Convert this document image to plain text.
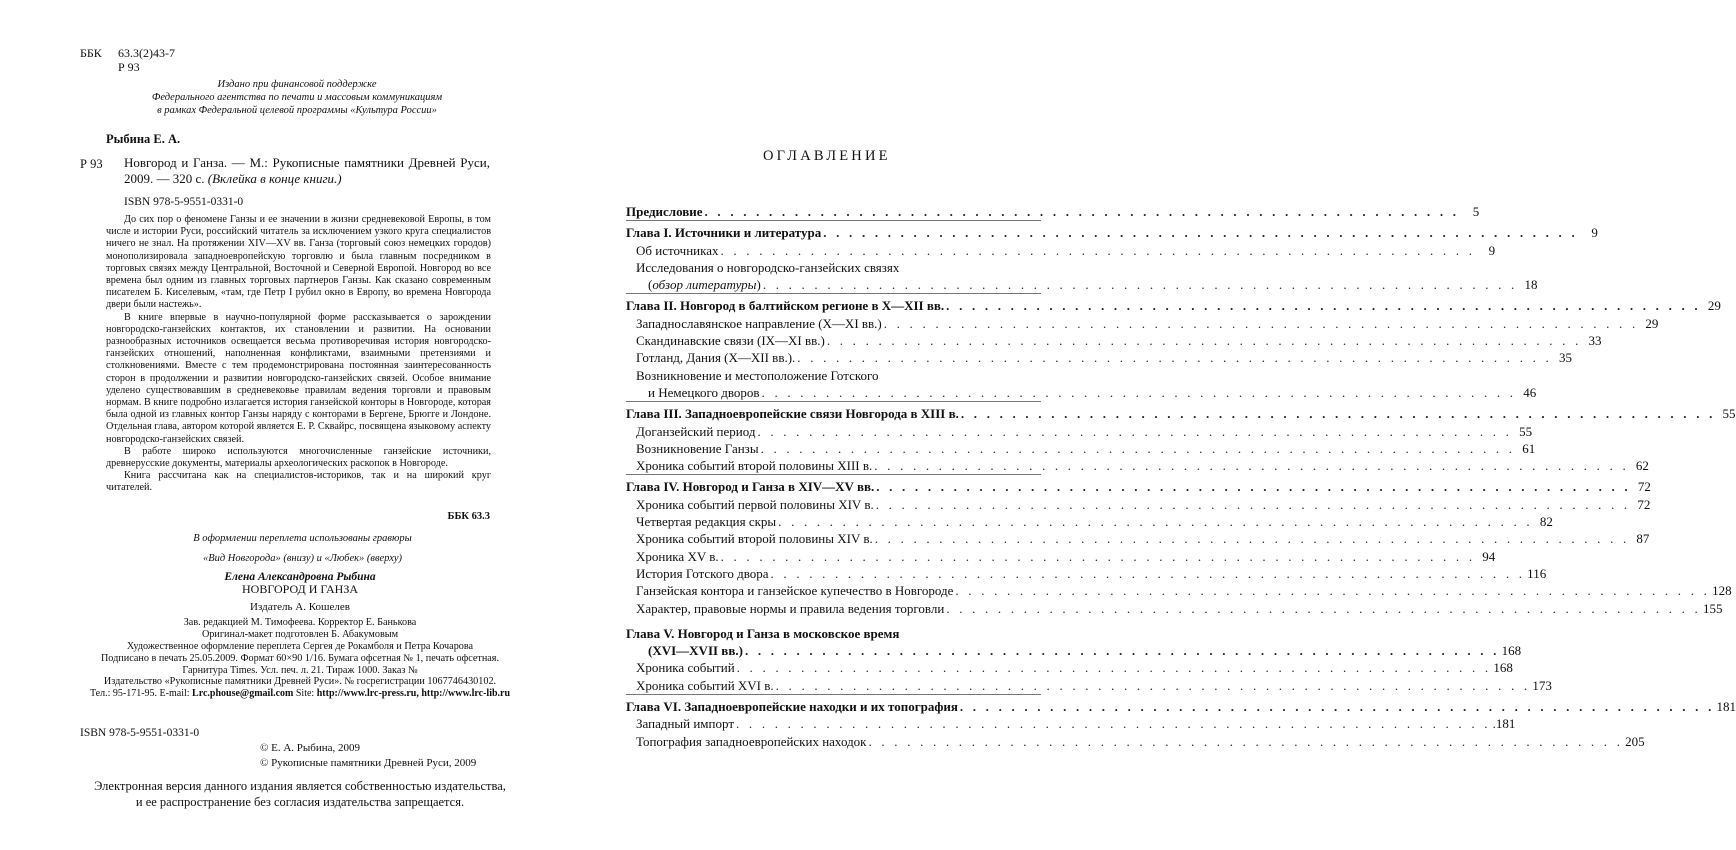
ББК	63.3(2)43-7
Р 93
Издано при финансовой поддержке
Федерального агентства по печати и массовым коммуникациям
в рамках Федеральной целевой программы «Культура России»
Рыбина Е. А.
Р 93 Новгород и Ганза. — М.: Рукописные памятники Древней Руси, 2009. — 320 с. (Вклейка в конце книги.)
ISBN 978-5-9551-0331-0

До сих пор о феномене Ганзы и ее значении в жизни средневековой Европы, в том числе и истории Руси, российский читатель за исключением узкого круга специалистов ничего не знал. На протяжении XIV—XV вв. Ганза (торговый союз немецких городов) монополизировала западноевропейскую торговлю и была главным посредником в торговых связях между Центральной, Восточной и Северной Европой. Новгород во все времена был одним из главных торговых партнеров Ганзы. Как сказано современным писателем Б. Киселевым, «там, где Петр I рубил окно в Европу, во времена Новгорода двери были настежь».

В книге впервые в научно-популярной форме рассказывается о зарождении новгородско-ганзейских контактов, их становлении и развитии. На основании разнообразных источников освещается весьма противоречивая история новгородско-ганзейских отношений, наполненная конфликтами, взаимными претензиями и столкновениями. Вместе с тем продемонстрирована постоянная заинтересованность сторон в продолжении и развитии новгородско-ганзейских связей. Особое внимание уделено существовавшим в средневековье правилам ведения торговли и правовым нормам. В книге подробно излагается история ганзейской конторы в Новгороде, которая была одной из главных контор Ганзы наряду с конторами в Бергене, Брюгге и Лондоне. Отдельная глава, автором которой является Е. Р. Сквайрс, посвящена языковому аспекту новгородско-ганзейских связей.

В работе широко используются многочисленные ганзейские источники, древнерусские документы, материалы археологических раскопок в Новгороде.

Книга рассчитана как на специалистов-историков, так и на широкий круг читателей.

ББК 63.3
В оформлении переплета использованы гравюры
«Вид Новгорода» (внизу) и «Любек» (вверху)
Елена Александровна Рыбина
НОВГОРОД И ГАНЗА
Издатель А. Кошелев
Зав. редакцией М. Тимофеева. Корректор Е. Банькова
Оригинал-макет подготовлен Б. Абакумовым
Художественное оформление переплета Сергея де Рокамболя и Петра Кочарова
Подписано в печать 25.05.2009. Формат 60×90 1/16. Бумага офсетная № 1, печать офсетная.
Гарнитура Times. Усл. печ. л. 21. Тираж 1000. Заказ №
Издательство «Рукописные памятники Древней Руси». № госрегистрации 1067746430102.
Тел.: 95-171-95. E-mail: Lrc.phouse@gmail.com Site: http://www.lrc-press.ru, http://www.lrc-lib.ru
ISBN 978-5-9551-0331-0
© Е. А. Рыбина, 2009
© Рукописные памятники Древней Руси, 2009
Электронная версия данного издания является собственностью издательства,
и ее распространение без согласия издательства запрещается.
ОГЛАВЛЕНИЕ
Предисловие . . . . . . . . . . . . . . . . . . . . . . . . . . . . . . . . . . . . . . . . . . . . . . . . . . . . . . . . . . .	5
Глава I. Источники и литература . . . . . . . . . . . . . . . . . . . . . . . . . . . . . . . . . . . . . . . . . . . . . . . . . . . . . . . . . . .	9
Об источниках . . . . . . . . . . . . . . . . . . . . . . . . . . . . . . . . . . . . . . . . . . . . . . . . . . . . . . . . . . .	9
Исследования о новгородско-ганзейских связях
(обзор литературы) . . . . . . . . . . . . . . . . . . . . . . . . . . . . . . . . . . . . . . . . . . . . . . . . . . . . . . . . . . . 18
Глава II. Новгород в балтийском регионе в X—XII вв. . . . . . . . . . . . . . . . . . . . . . . . . . . . . . . . . . . . . . . . . . . . . . . . . . . . . . . . . . . . 29
Западнославянское направление (X—XI вв.) . . . . . . . . . . . . . . . . . . . . . . . . . . . . . . . . . . . . . . . . . . . . . . . . . . . . . . . . . . . 29
Скандинавские связи (IX—XI вв.) . . . . . . . . . . . . . . . . . . . . . . . . . . . . . . . . . . . . . . . . . . . . . . . . . . . . . . . . . . . 33
Готланд, Дания (X—XII вв.). . . . . . . . . . . . . . . . . . . . . . . . . . . . . . . . . . . . . . . . . . . . . . . . . . . . . . . . . . . . 35
Возникновение и местоположение Готского
и Немецкого дворов . . . . . . . . . . . . . . . . . . . . . . . . . . . . . . . . . . . . . . . . . . . . . . . . . . . . . . . . . . . 46
Глава III. Западноевропейские связи Новгорода в XIII в. . . . . . . . . . . . . . . . . . . . . . . . . . . . . . . . . . . . . . . . . . . . . . . . . . . . . . . . . . . . 55
Доганзейский период . . . . . . . . . . . . . . . . . . . . . . . . . . . . . . . . . . . . . . . . . . . . . . . . . . . . . . . . . . . 55
Возникновение Ганзы . . . . . . . . . . . . . . . . . . . . . . . . . . . . . . . . . . . . . . . . . . . . . . . . . . . . . . . . . . . 61
Хроника событий второй половины XIII в. . . . . . . . . . . . . . . . . . . . . . . . . . . . . . . . . . . . . . . . . . . . . . . . . . . . . . . . . . . . 62
Глава IV. Новгород и Ганза в XIV—XV вв. . . . . . . . . . . . . . . . . . . . . . . . . . . . . . . . . . . . . . . . . . . . . . . . . . . . . . . . . . . . 72
Хроника событий первой половины XIV в. . . . . . . . . . . . . . . . . . . . . . . . . . . . . . . . . . . . . . . . . . . . . . . . . . . . . . . . . . . . 72
Четвертая редакция скры . . . . . . . . . . . . . . . . . . . . . . . . . . . . . . . . . . . . . . . . . . . . . . . . . . . . . . . . . . . 82
Хроника событий второй половины XIV в. . . . . . . . . . . . . . . . . . . . . . . . . . . . . . . . . . . . . . . . . . . . . . . . . . . . . . . . . . . . 87
Хроника XV в. . . . . . . . . . . . . . . . . . . . . . . . . . . . . . . . . . . . . . . . . . . . . . . . . . . . . . . . . . . . 94
История Готского двора . . . . . . . . . . . . . . . . . . . . . . . . . . . . . . . . . . . . . . . . . . . . . . . . . . . . . . . . . . . 116
Ганзейская контора и ганзейское купечество в Новгороде . . . . . . . . . . . . . . . . . . . . . . . . . . . . . . . . . . . . . . . . . . . . . . . . . . . . . . . . . . . 128
Характер, правовые нормы и правила ведения торговли . . . . . . . . . . . . . . . . . . . . . . . . . . . . . . . . . . . . . . . . . . . . . . . . . . . . . . . . . . . 155
Глава V. Новгород и Ганза в московское время
(XVI—XVII вв.) . . . . . . . . . . . . . . . . . . . . . . . . . . . . . . . . . . . . . . . . . . . . . . . . . . . . . . . . . . . 168
Хроника событий . . . . . . . . . . . . . . . . . . . . . . . . . . . . . . . . . . . . . . . . . . . . . . . . . . . . . . . . . . . 168
Хроника событий XVI в. . . . . . . . . . . . . . . . . . . . . . . . . . . . . . . . . . . . . . . . . . . . . . . . . . . . . . . . . . . . 173
Глава VI. Западноевропейские находки и их топография . . . . . . . . . . . . . . . . . . . . . . . . . . . . . . . . . . . . . . . . . . . . . . . . . . . . . . . . . . . 181
Западный импорт . . . . . . . . . . . . . . . . . . . . . . . . . . . . . . . . . . . . . . . . . . . . . . . . . . . . . . . . . . . .181
Топография западноевропейских находок . . . . . . . . . . . . . . . . . . . . . . . . . . . . . . . . . . . . . . . . . . . . . . . . . . . . . . . . . . . 205
